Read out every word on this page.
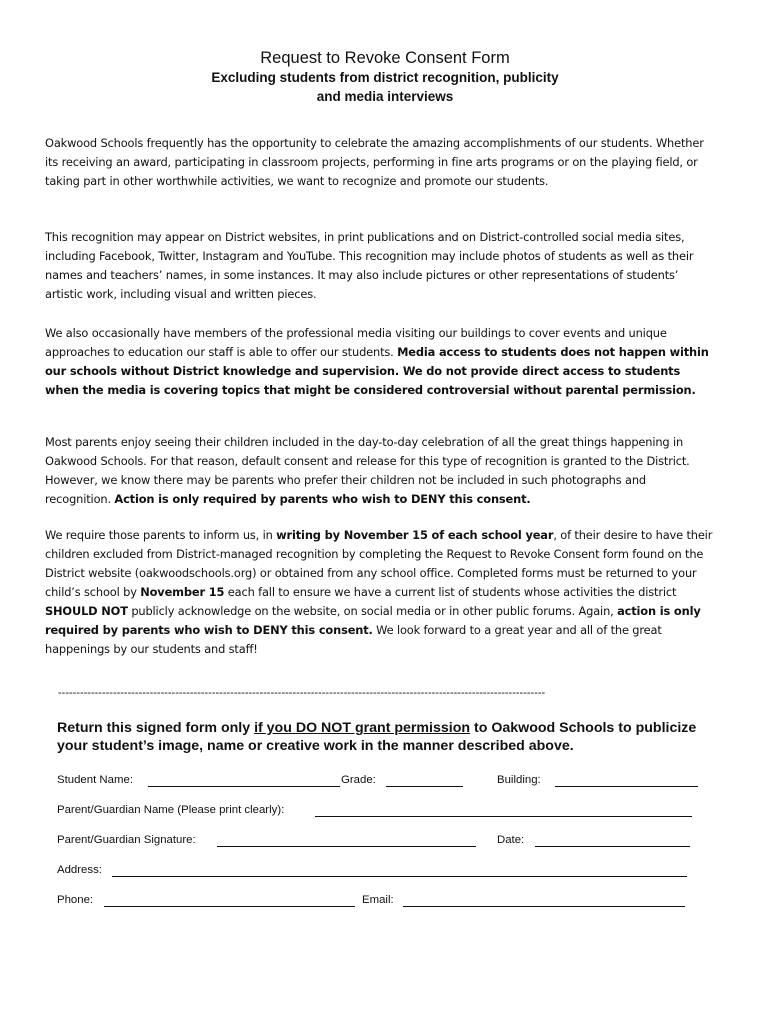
Request to Revoke Consent Form
Excluding students from district recognition, publicity
and media interviews

Oakwood Schools frequently has the opportunity to celebrate the amazing accomplishments of our students. Whether its receiving an award, participating in classroom projects, performing in fine arts programs or on the playing field, or taking part in other worthwhile activities, we want to recognize and promote our students.

This recognition may appear on District websites, in print publications and on District-controlled social media sites, including Facebook, Twitter, Instagram and YouTube. This recognition may include photos of students as well as their names and teachers’ names, in some instances. It may also include pictures or other representations of students’ artistic work, including visual and written pieces.

We also occasionally have members of the professional media visiting our buildings to cover events and unique approaches to education our staff is able to offer our students. Media access to students does not happen within our schools without District knowledge and supervision. We do not provide direct access to students when the media is covering topics that might be considered controversial without parental permission.

Most parents enjoy seeing their children included in the day-to-day celebration of all the great things happening in Oakwood Schools. For that reason, default consent and release for this type of recognition is granted to the District. However, we know there may be parents who prefer their children not be included in such photographs and recognition. Action is only required by parents who wish to DENY this consent.

We require those parents to inform us, in writing by November 15 of each school year, of their desire to have their children excluded from District-managed recognition by completing the Request to Revoke Consent form found on the District website (oakwoodschools.org) or obtained from any school office. Completed forms must be returned to your child’s school by November 15 each fall to ensure we have a current list of students whose activities the district SHOULD NOT publicly acknowledge on the website, on social media or in other public forums. Again, action is only required by parents who wish to DENY this consent. We look forward to a great year and all of the great happenings by our students and staff!

-------------------------------------------------------------------------------------------------------------------------------------
Return this signed form only if you DO NOT grant permission to Oakwood Schools to publicize your student’s image, name or creative work in the manner described above.
Student Name:	Grade:	Building:
Parent/Guardian Name (Please print clearly):
Parent/Guardian Signature:	Date:
Address:
Phone:	Email:
